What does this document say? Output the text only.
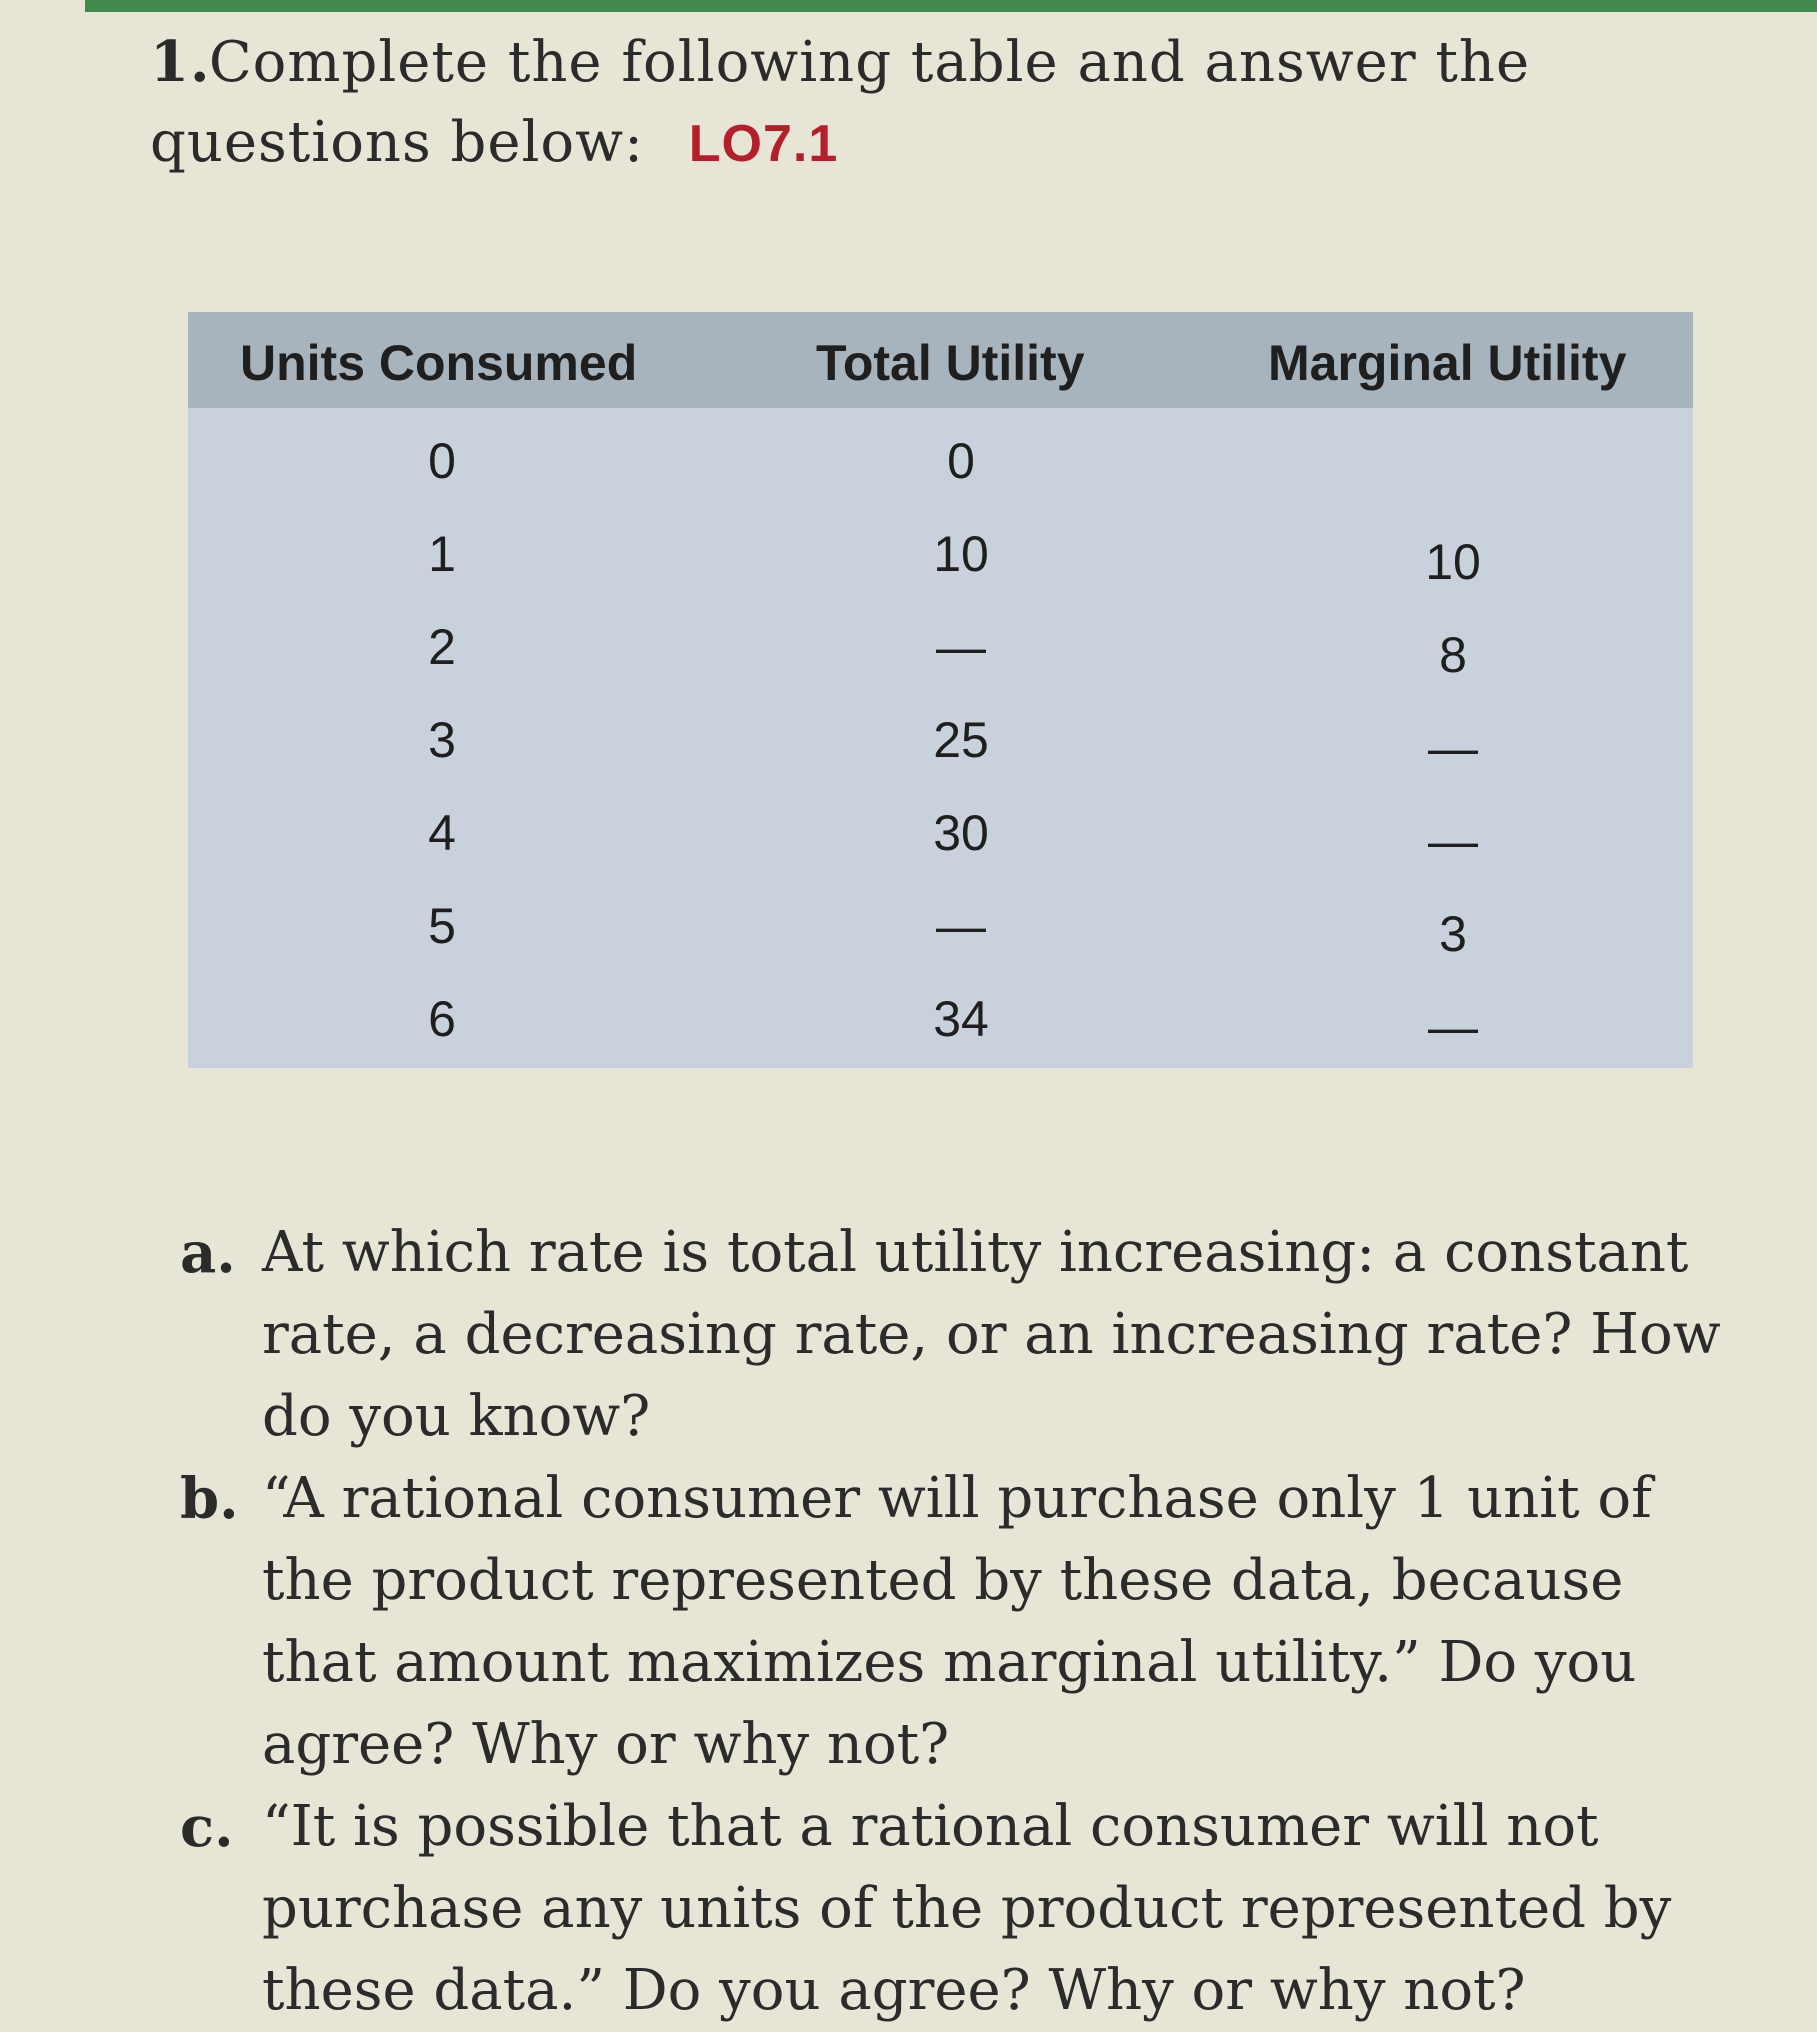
1. Complete the following table and answer the questions below: LO7.1
Units Consumed	Total Utility	Marginal Utility
0	0
1	10	10
2	—	8
3	25	—
4	30	—
5	—	3
6	34	—
a. At which rate is total utility increasing: a constant rate, a decreasing rate, or an increasing rate? How do you know?
b. “A rational consumer will purchase only 1 unit of the product represented by these data, because that amount maximizes marginal utility.” Do you agree? Why or why not?
c. “It is possible that a rational consumer will not purchase any units of the product represented by these data.” Do you agree? Why or why not?
